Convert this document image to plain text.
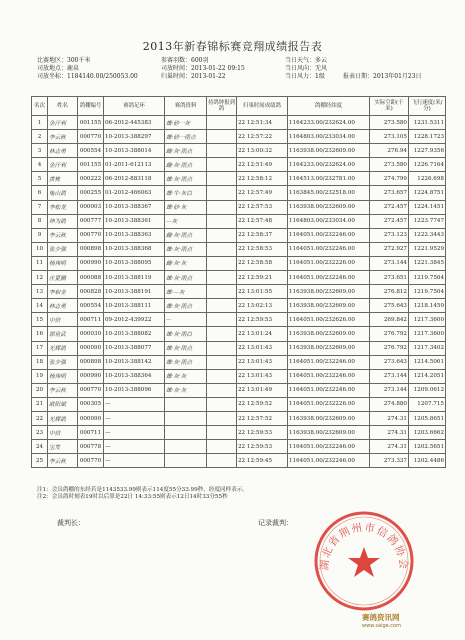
2013年新春锦标赛竞翔成绩报告表
比赛地区：300千米
司放地点：鹿泉
司放坐标：1184140.00/250053.00
参赛羽数：600羽
司放时间：2013-01-22 09:15
归巢时间：2013-01-22
当日天气：多云
当日风向：无风
当日风力：1级	报表日期：2013年01月23日
名次	姓名	鸽棚编号	赛鸽足环	赛鸽资料	持鸽钟报到鸽	归巢时间成绩鸽	鸽棚经纬度	实际空距(千米)	飞行速度(米/分)
1	金汗利	001155	06-2012-445383	雄·砂一灰		22 12:51:34	1164233.00/232624.00	273.580	1231.5311
2	李云秋	000770	10-2013-388297	雄·砂一雨点		22 12:57:22	1164803.00/233034.00	273.105	1228.1723
3	林志勇	000554	10-2013-388014	雌·灰·雨点		22 13:00:32	1163938.00/232609.00	276.94	1227.9356
4	金汗利	001155	01-2011-612113	雌·灰·雨点		22 12:51:49	1164233.00/232624.00	273.580	1226.7164
5	黄栋	000222	06-2012-883118	雄·灰·雨点		22 12:58:12	1164513.00/232781.00	274.799	1226.698
6	龟山鸽	000255	01-2012-466063	雄·牛·灰白		22 12:57:49	1163845.00/232518.00	273.657	1224.8751
7	李松龙	000003	10-2013-388367	雄·砂·灰		22 12:57:53	1163938.00/232609.00	272.457	1224.1451
8	坤为鸽	000777	10-2013-388361	—灰		22 12:57:48	1164803.00/233034.00	272.457	1223.7747
9	李云秋	000770	10-2013-388363	雌·灰·雨点		22 12:58:37	1164051.00/232246.00	273.123	1222.3443
10	张少强	000898	10-2013-388368	雄·灰·雨点		22 12:58:53	1164051.00/232246.00	272.927	1221.9529
11	杨伟明	000990	10-2013-388095	雌·灰·灰		22 12:58:58	1164051.00/232226.00	273.144	1221.3845
12	庄夏鹏	000088	10-2013-388119	雄·灰·雨点		22 12:59:21	1164051.00/232246.00	273.651	1219.7504
13	李和金	000828	10-2013-388191	雄·—灰		22 13:01:55	1163938.00/232609.00	276.812	1219.7504
14	林志勇	000554	10-2013-388111	雄·灰·雨点		22 13:02:13	1163938.00/232609.00	275.643	1218.1450
15	中信	000711	09-2012-439922	—		22 12:59:53	1164051.00/232626.00	269.842	1217.3600
16	郭世武	000030	10-2013-388082	雄·灰·雨白		22 13:01:24	1163938.00/232609.00	276.792	1217.3600
17	光辉鸽	000090	10-2013-388077	雄·灰·雨点		22 13:01:43	1163938.00/232609.00	276.792	1217.3402
18	张少强	000898	10-2013-388142	雄·灰·雨点		22 13:01:43	1164051.00/232246.00	273.643	1214.5061
19	杨伟明	000990	10-2013-388364	雄·灰·灰		22 13:01:43	1164051.00/232246.00	273.144	1214.2051
20	李云秋	000770	10-2013-388096	雄·灰·灰		22 13:01:49	1164051.00/232246.00	273.144	1209.0612
21	欧阳斌	000305	—			22 12:59:52	1164051.00/232226.00	274.880	1207.715
22	光辉鸽	000090	—			22 12:57:52	1163938.00/232609.00	274.31	1205.8651
23	中信	000711	—			22 12:59:53	1163938.00/232609.00	274.31	1203.6662
24	宝发	000778	—			22 12:59:53	1164051.00/232246.00	274.31	1202.5651
25	李云秋	000770	—			22 12:59:45	1164051.00/232246.00	273.337	1202.4486
注1：会员鸽棚的东经若是1143533.99则表示114度55分33.99秒，经度同样表示。
注2：会员鸽时刻表19时以后算是22日 14:33:55则表示12日14时33分55秒
裁判长：	记录裁判：
湖北省荆州市信鸽协会
赛鸽资讯网
www.saige.com
